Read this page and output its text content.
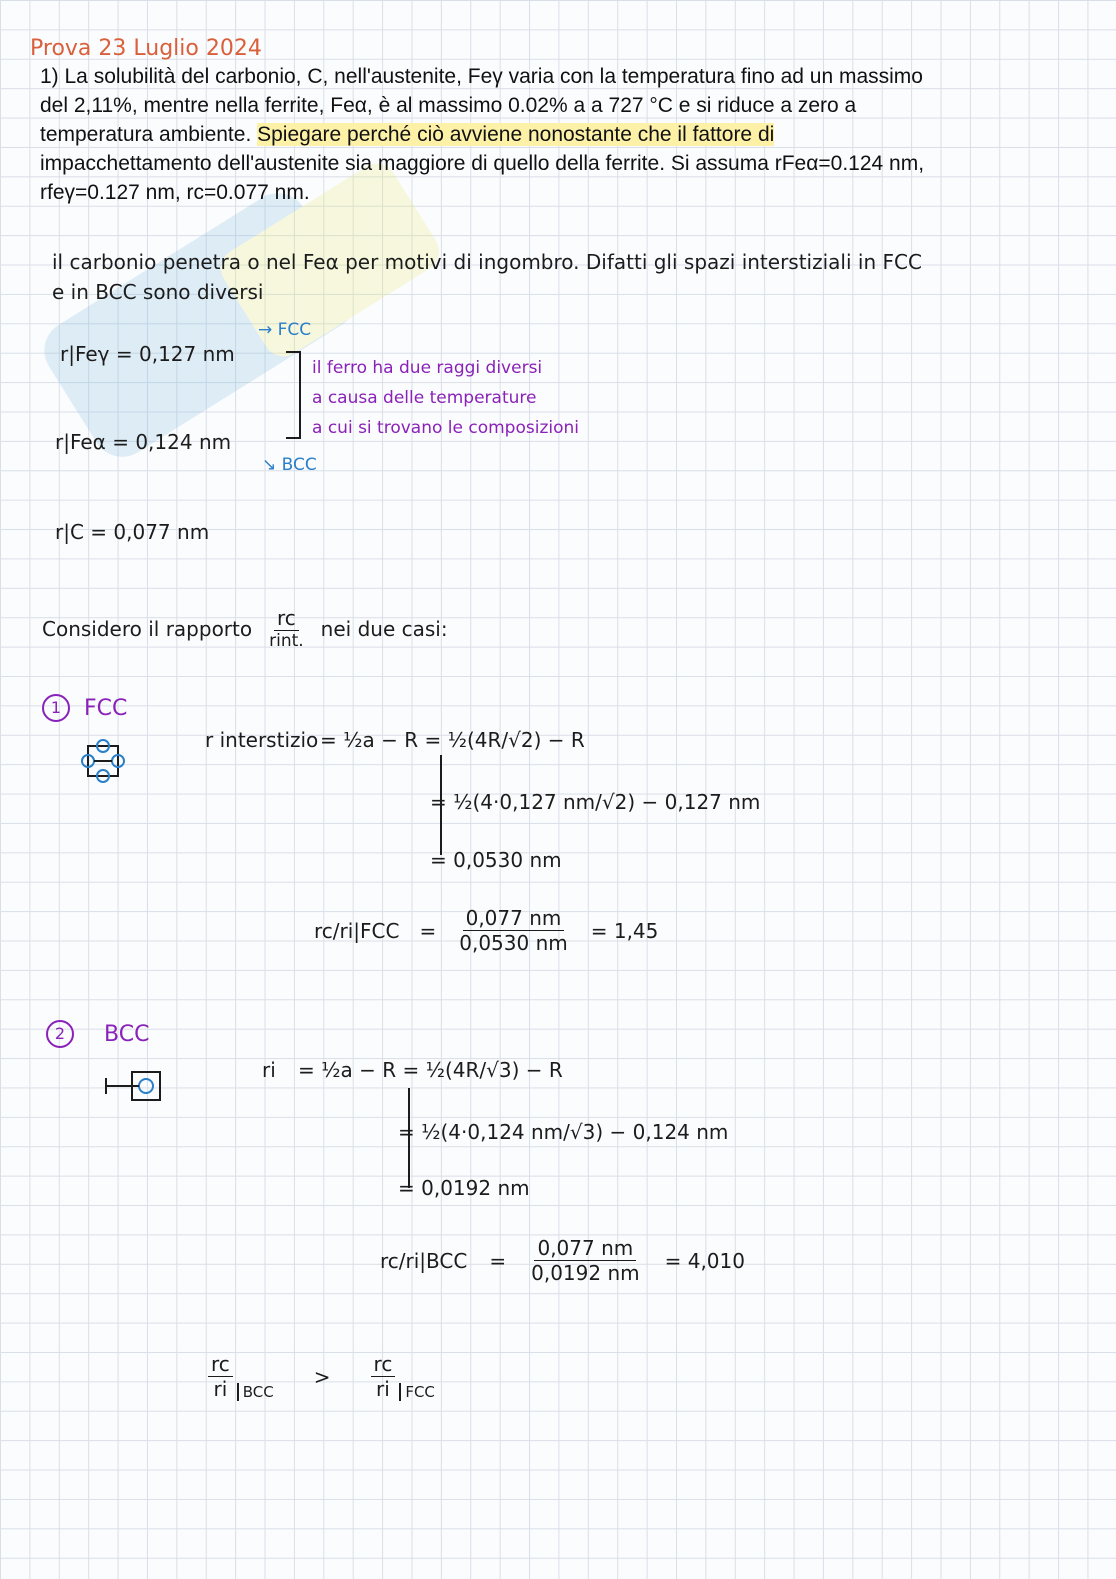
Prova 23 Luglio 2024
1) La solubilità del carbonio, C, nell'austenite, Feγ varia con la temperatura fino ad un massimo
del 2,11%, mentre nella ferrite, Feα, è al massimo 0.02% a a 727 °C e si riduce a zero a
temperatura ambiente. Spiegare perché ciò avviene nonostante che il fattore di
impacchettamento dell'austenite sia maggiore di quello della ferrite. Si assuma rFeα=0.124 nm,
rfeγ=0.127 nm, rc=0.077 nm.
il carbonio penetra o nel Feα per motivi di ingombro. Difatti gli spazi interstiziali in FCC
e in BCC sono diversi
→ FCC
r|Feγ = 0,127 nm
r|Feα = 0,124 nm
↘ BCC
il ferro ha due raggi diversi
a causa delle temperature
a cui si trovano le composizioni
r|C = 0,077 nm
Considero il rapporto $\frac{rc}{\text{rint.}}$ nei due casi:
1	FCC
r interstizio = ½a − R = ½(4R/√2) − R
= ½(4·0,127 nm/√2) − 0,127 nm
= 0,0530 nm
$rc/ri|FCC = \frac{0,077 nm}{0,0530 nm} = 1,45$
2	BCC
ri = ½a − R = ½(4R/√3) − R
= ½(4·0,124 nm/√3) − 0,124 nm
= 0,0192 nm
$rc/ri|BCC = \frac{0,077 nm}{0,0192 nm} = 4,010$
$\frac{rc}{ri}$ BCC
> $\frac{rc}{ri}$ FCC
